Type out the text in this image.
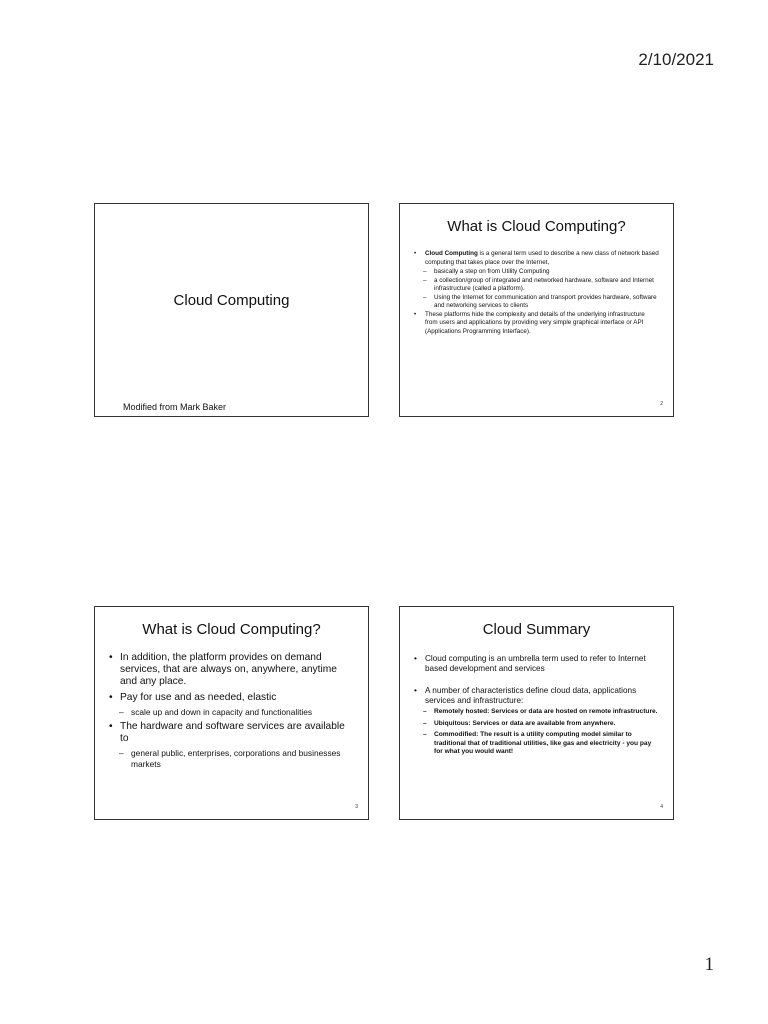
2/10/2021
Cloud Computing
Modified from Mark Baker
What is Cloud Computing?
• Cloud Computing is a general term used to describe a new class of network based computing that takes place over the Internet,
– basically a step on from Utility Computing
– a collection/group of integrated and networked hardware, software and Internet infrastructure (called a platform).
– Using the Internet for communication and transport provides hardware, software and networking services to clients
• These platforms hide the complexity and details of the underlying infrastructure from users and applications by providing very simple graphical interface or API (Applications Programming Interface).
2
What is Cloud Computing?
• In addition, the platform provides on demand services, that are always on, anywhere, anytime and any place.
• Pay for use and as needed, elastic
– scale up and down in capacity and functionalities
• The hardware and software services are available to
– general public, enterprises, corporations and businesses markets
3
Cloud Summary
• Cloud computing is an umbrella term used to refer to Internet based development and services
• A number of characteristics define cloud data, applications services and infrastructure:
– Remotely hosted: Services or data are hosted on remote infrastructure.
– Ubiquitous: Services or data are available from anywhere.
– Commodified: The result is a utility computing model similar to traditional that of traditional utilities, like gas and electricity - you pay for what you would want!
4
1
